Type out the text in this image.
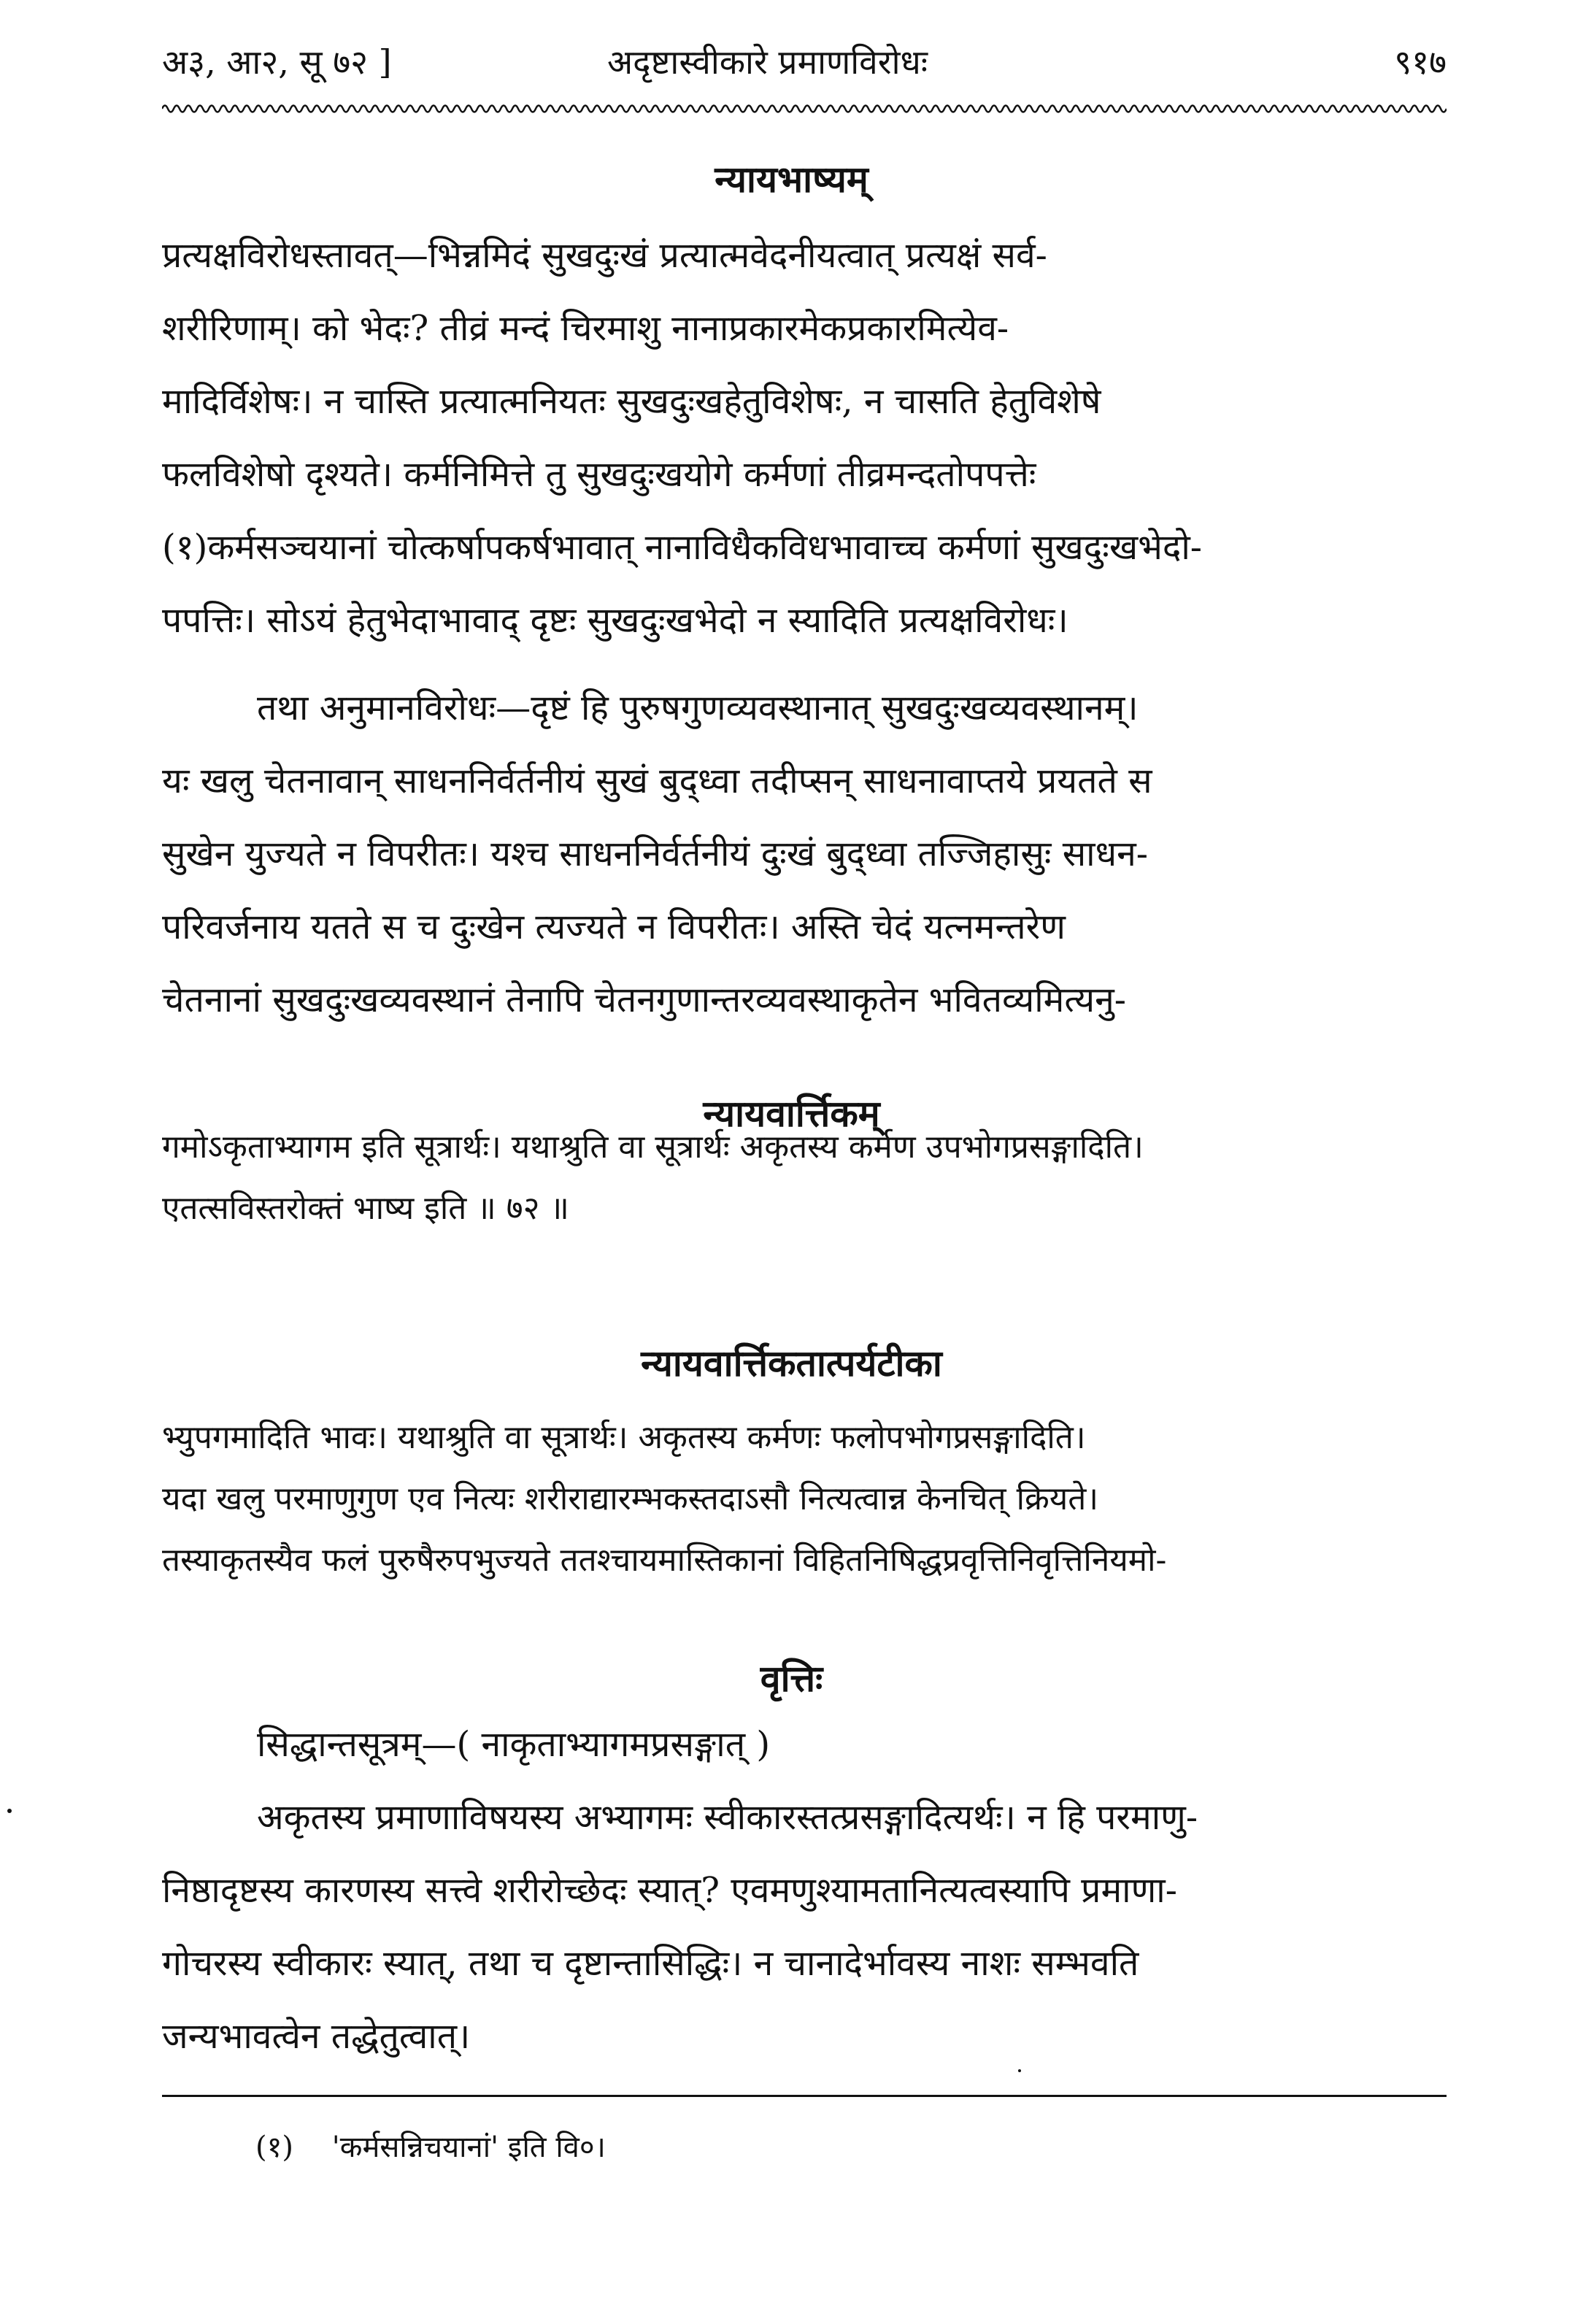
अ३, आ२, सू ७२ ]	अदृष्टास्वीकारे प्रमाणविरोधः	९१७
न्यायभाष्यम्
प्रत्यक्षविरोधस्तावत्—भिन्नमिदं सुखदुःखं प्रत्यात्मवेदनीयत्वात् प्रत्यक्षं सर्व-
शरीरिणाम्। को भेदः? तीव्रं मन्दं चिरमाशु नानाप्रकारमेकप्रकारमित्येव-
मादिर्विशेषः। न चास्ति प्रत्यात्मनियतः सुखदुःखहेतुविशेषः, न चासति हेतुविशेषे
फलविशेषो दृश्यते। कर्मनिमित्ते तु सुखदुःखयोगे कर्मणां तीव्रमन्दतोपपत्तेः
(१)कर्मसञ्चयानां चोत्कर्षापकर्षभावात् नानाविधैकविधभावाच्च कर्मणां सुखदुःखभेदो-
पपत्तिः। सोऽयं हेतुभेदाभावाद् दृष्टः सुखदुःखभेदो न स्यादिति प्रत्यक्षविरोधः।
तथा अनुमानविरोधः—दृष्टं हि पुरुषगुणव्यवस्थानात् सुखदुःखव्यवस्थानम्।
यः खलु चेतनावान् साधननिर्वर्तनीयं सुखं बुद्ध्वा तदीप्सन् साधनावाप्तये प्रयतते स
सुखेन युज्यते न विपरीतः। यश्च साधननिर्वर्तनीयं दुःखं बुद्ध्वा तज्जिहासुः साधन-
परिवर्जनाय यतते स च दुःखेन त्यज्यते न विपरीतः। अस्ति चेदं यत्नमन्तरेण
चेतनानां सुखदुःखव्यवस्थानं तेनापि चेतनगुणान्तरव्यवस्थाकृतेन भवितव्यमित्यनु-
न्यायवार्त्तिकम्
गमोऽकृताभ्यागम इति सूत्रार्थः। यथाश्रुति वा सूत्रार्थः अकृतस्य कर्मण उपभोगप्रसङ्गादिति।
एतत्सविस्तरोक्तं भाष्य इति ॥ ७२ ॥
न्यायवार्त्तिकतात्पर्यटीका
भ्युपगमादिति भावः। यथाश्रुति वा सूत्रार्थः। अकृतस्य कर्मणः फलोपभोगप्रसङ्गादिति।
यदा खलु परमाणुगुण एव नित्यः शरीराद्यारम्भकस्तदाऽसौ नित्यत्वान्न केनचित् क्रियते।
तस्याकृतस्यैव फलं पुरुषैरुपभुज्यते ततश्चायमास्तिकानां विहितनिषिद्धप्रवृत्तिनिवृत्तिनियमो-
वृत्तिः
सिद्धान्तसूत्रम्—( नाकृताभ्यागमप्रसङ्गात् )
अकृतस्य प्रमाणाविषयस्य अभ्यागमः स्वीकारस्तत्प्रसङ्गादित्यर्थः। न हि परमाणु-
निष्ठादृष्टस्य कारणस्य सत्त्वे शरीरोच्छेदः स्यात्? एवमणुश्यामतानित्यत्वस्यापि प्रमाणा-
गोचरस्य स्वीकारः स्यात्, तथा च दृष्टान्तासिद्धिः। न चानादेर्भावस्य नाशः सम्भवति
जन्यभावत्वेन तद्धेतुत्वात्।
(१) 'कर्मसन्निचयानां' इति वि०।
